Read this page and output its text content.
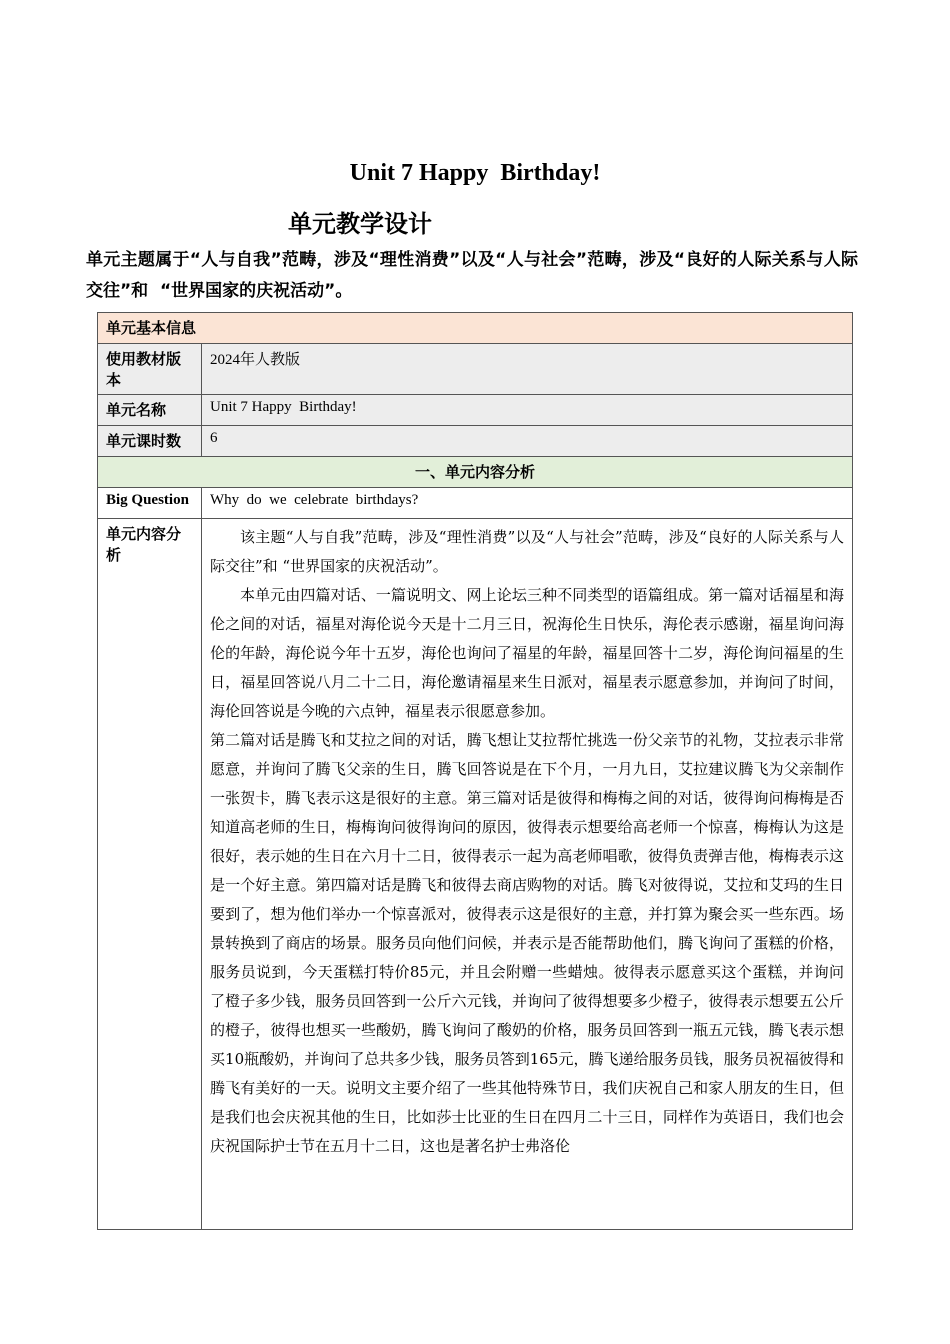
Unit 7 Happy  Birthday!
单元教学设计
单元主题属于“人与自我”范畴，涉及“理性消费”以及“人与社会”范畴，涉及“良好的人际关系与人际交往”和  “世界国家的庆祝活动”。
单元基本信息	
使用教材版本	2024年人教版
单元名称	Unit 7 Happy  Birthday!
单元课时数	6
一、单元内容分析	
Big Question	Why  do  we  celebrate  birthdays?
单元内容分析	该主题“人与自我”范畴，涉及“理性消费”以及“人与社会”范畴，涉及“良好的人际关系与人际交往”和 “世界国家的庆祝活动”。

本单元由四篇对话、一篇说明文、网上论坛三种不同类型的语篇组成。第一篇对话福星和海伦之间的对话，福星对海伦说今天是十二月三日，祝海伦生日快乐，海伦表示感谢，福星询问海伦的年龄，海伦说今年十五岁，海伦也询问了福星的年龄，福星回答十二岁，海伦询问福星的生日，福星回答说八月二十二日，海伦邀请福星来生日派对，福星表示愿意参加，并询问了时间，海伦回答说是今晚的六点钟，福星表示很愿意参加。

第二篇对话是腾飞和艾拉之间的对话，腾飞想让艾拉帮忙挑选一份父亲节的礼物，艾拉表示非常愿意，并询问了腾飞父亲的生日，腾飞回答说是在下个月，一月九日，艾拉建议腾飞为父亲制作一张贺卡，腾飞表示这是很好的主意。第三篇对话是彼得和梅梅之间的对话，彼得询问梅梅是否知道高老师的生日，梅梅询问彼得询问的原因，彼得表示想要给高老师一个惊喜，梅梅认为这是很好，表示她的生日在六月十二日，彼得表示一起为高老师唱歌，彼得负责弹吉他，梅梅表示这是一个好主意。第四篇对话是腾飞和彼得去商店购物的对话。腾飞对彼得说，艾拉和艾玛的生日要到了，想为他们举办一个惊喜派对，彼得表示这是很好的主意，并打算为聚会买一些东西。场景转换到了商店的场景。服务员向他们问候，并表示是否能帮助他们，腾飞询问了蛋糕的价格，服务员说到，今天蛋糕打特价85元，并且会附赠一些蜡烛。彼得表示愿意买这个蛋糕，并询问了橙子多少钱，服务员回答到一公斤六元钱，并询问了彼得想要多少橙子，彼得表示想要五公斤的橙子，彼得也想买一些酸奶，腾飞询问了酸奶的价格，服务员回答到一瓶五元钱，腾飞表示想买10瓶酸奶，并询问了总共多少钱，服务员答到165元，腾飞递给服务员钱，服务员祝福彼得和腾飞有美好的一天。说明文主要介绍了一些其他特殊节日，我们庆祝自己和家人朋友的生日，但是我们也会庆祝其他的生日，比如莎士比亚的生日在四月二十三日，同样作为英语日，我们也会庆祝国际护士节在五月十二日，这也是著名护士弗洛伦
